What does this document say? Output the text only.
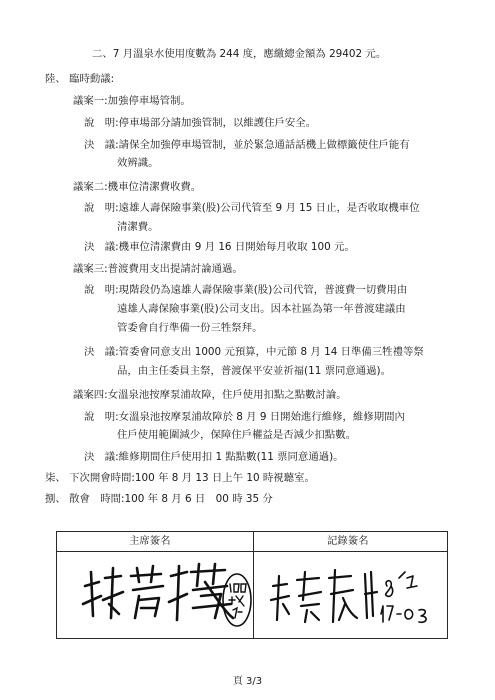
二、7 月溫泉水使用度數為 244 度，應繳總金額為 29402 元。
陸、 臨時動議:
議案一:加強停車場管制。
說　明:停車場部分請加強管制，以維護住戶安全。
決　議:請保全加強停車場管制，並於緊急通話話機上做標籤使住戶能有
效辨識。
議案二:機車位清潔費收費。
說　明:遠雄人壽保險事業(股)公司代管至 9 月 15 日止，是否收取機車位
清潔費。
決　議:機車位清潔費由 9 月 16 日開始每月收取 100 元。
議案三:普渡費用支出提請討論通過。
說　明:現階段仍為遠雄人壽保險事業(股)公司代管，普渡費一切費用由
遠雄人壽保險事業(股)公司支出。因本社區為第一年普渡建議由
管委會自行準備一份三牲祭拜。
決　議:管委會同意支出 1000 元預算，中元節 8 月 14 日準備三牲禮等祭
品，由主任委員主祭，普渡保平安並祈福(11 票同意通過)。
議案四:女溫泉池按摩泵浦故障，住戶使用扣點之點數討論。
說　明:女溫泉池按摩泵浦故障於 8 月 9 日開始進行維修，維修期間內
住戶使用範圍減少，保障住戶權益是否減少扣點數。
決　議:維修期間住戶使用扣 1 點點數(11 票同意通過)。
柒、 下次開會時間:100 年 8 月 13 日上午 10 時視聽室。
捌、 散會　時間:100 年 8 月 6 日　00 時 35 分
主席簽名	記錄簽名
頁 3/3
